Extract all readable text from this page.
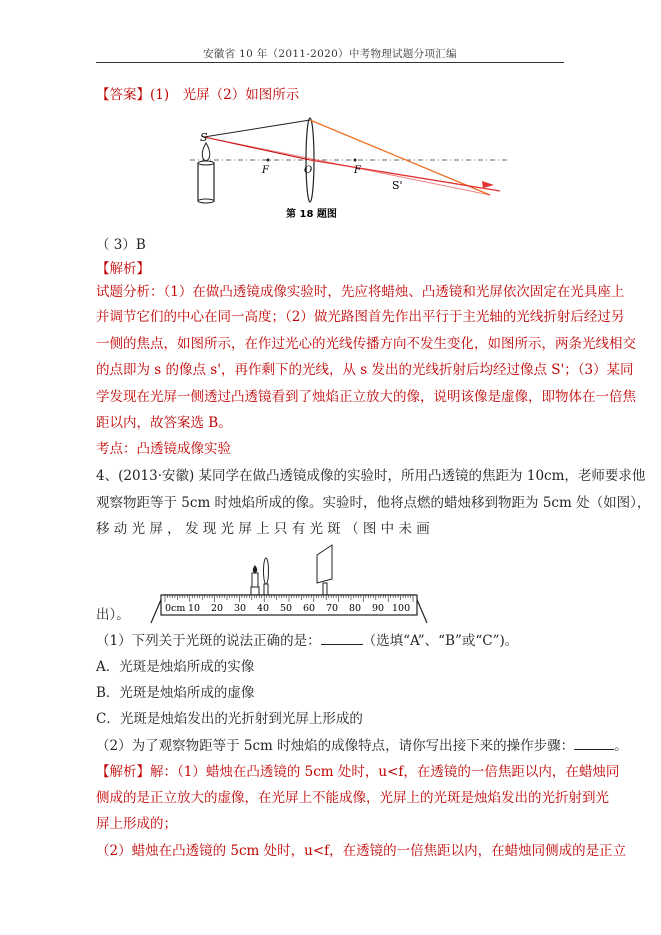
安徽省 10 年（2011-2020）中考物理试题分项汇编
【答案】(1)　光屏（2）如图所示
S
F	O	F
S'
第 18 题图
（ 3）B
【解析】
试题分析：（1）在做凸透镜成像实验时，先应将蜡烛、凸透镜和光屏依次固定在光具座上
并调节它们的中心在同一高度；（2）做光路图首先作出平行于主光轴的光线折射后经过另
一侧的焦点，如图所示，在作过光心的光线传播方向不发生变化，如图所示，两条光线相交
的点即为 s 的像点 s'，再作剩下的光线，从 s 发出的光线折射后均经过像点 S'；（3）某同
学发现在光屏一侧透过凸透镜看到了烛焰正立放大的像，说明该像是虚像，即物体在一倍焦
距以内，故答案选 B。
考点：凸透镜成像实验
4、(2013·安徽) 某同学在做凸透镜成像的实验时，所用凸透镜的焦距为 10cm，老师要求他
观察物距等于 5cm 时烛焰所成的像。实验时，他将点燃的蜡烛移到物距为 5cm 处（如图），
移 动 光 屏 ， 发 现 光 屏 上 只 有 光 斑 （ 图 中 未 画
0cm 10 20 30 40 50 60 70 80 90 100
出）。
（1）下列关于光斑的说法正确的是：	（选填“A”、“B”或“C”)。
A．光斑是烛焰所成的实像
B．光斑是烛焰所成的虚像
C．光斑是烛焰发出的光折射到光屏上形成的
（2）为了观察物距等于 5cm 时烛焰的成像特点，请你写出接下来的操作步骤：	。
【解析】解：（1）蜡烛在凸透镜的 5cm 处时，u<f，在透镜的一倍焦距以内，在蜡烛同
侧成的是正立放大的虚像，在光屏上不能成像，光屏上的光斑是烛焰发出的光折射到光
屏上形成的；
（2）蜡烛在凸透镜的 5cm 处时，u<f，在透镜的一倍焦距以内，在蜡烛同侧成的是正立
